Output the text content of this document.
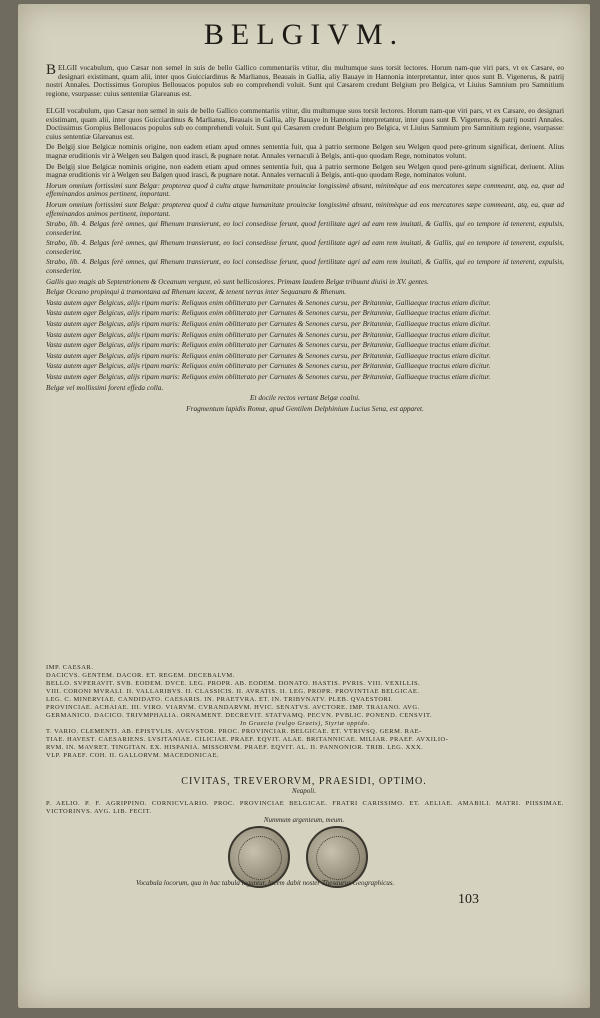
BELGIVM.

BELGII vocabulum, quo Cæsar non semel in suis de bello Gallico commentariis vtitur, diu multumque suos torsit lectores. Horum nam-que viri pars, vt ex Cæsare, eo designari existimant, quam alii, inter quos Guicciardinus & Marlianus, Beauais in Gallia, aliy Bauaye in Hannonia interpretantur, inter quos sunt B. Vigenerus, & patrij nostri Annales. Doctissimus Goropius Bellouacos populos sub eo comprehendi voluit. Sunt qui Cæsarem credunt Belgium pro Belgica, vt Liuius Samnium pro Samnitium regione, vsurpasse: cuius sententiæ Glareanus est.
ELGII vocabulum, quo Cæsar non semel in suis de bello Gallico commentariis vtitur, diu multumque suos torsit lectores. Horum nam-que viri pars, vt ex Cæsare, eo designari existimant, quam alii, inter quos Guicciardinus & Marlianus, Beauais in Gallia, aliy Bauaye in Hannonia interpretantur, inter quos sunt B. Vigenerus, & patrij nostri Annales. Doctissimus Goropius Bellouacos populos sub eo comprehendi voluit. Sunt qui Cæsarem credunt Belgium pro Belgica, vt Liuius Samnium pro Samnitium regione, vsurpasse: cuius sententiæ Glareanus est.

De Belgij siue Belgicæ nominis origine, non eadem etiam apud omnes sententia fuit, qua à patrio sermone Belgen seu Welgen quod pere-grinum significat, deriuent. Alius magnæ eruditionis vir à Welgen seu Balgen quod irasci, & pugnare notat. Annales vernaculi à Belgis, anti-quo quodam Rege, nominatos volunt.

De Belgij siue Belgicæ nominis origine, non eadem etiam apud omnes sententia fuit, qua à patrio sermone Belgen seu Welgen quod pere-grinum significat, deriuent. Alius magnæ eruditionis vir à Welgen seu Balgen quod irasci, & pugnare notat. Annales vernaculi à Belgis, anti-quo quodam Rege, nominatos volunt.

Horum omnium fortissimi sunt Belgæ: propterea quod à cultu atque humanitate prouinciæ longissimè absunt, minimèque ad eos mercatores sæpe commeant, atq, ea, quæ ad effeminandos animos pertinent, important.

Horum omnium fortissimi sunt Belgæ: propterea quod à cultu atque humanitate prouinciæ longissimè absunt, minimèque ad eos mercatores sæpe commeant, atq, ea, quæ ad effeminandos animos pertinent, important.

Strabo, lib. 4. Belgas ferè omnes, qui Rhenum transierunt, eo loci consedisse ferunt, quod fertilitate agri ad eam rem inuitati, & Gallis, qui eo tempore id tenerent, expulsis, consederint.

Strabo, lib. 4. Belgas ferè omnes, qui Rhenum transierunt, eo loci consedisse ferunt, quod fertilitate agri ad eam rem inuitati, & Gallis, qui eo tempore id tenerent, expulsis, consederint.

Strabo, lib. 4. Belgas ferè omnes, qui Rhenum transierunt, eo loci consedisse ferunt, quod fertilitate agri ad eam rem inuitati, & Gallis, qui eo tempore id tenerent, expulsis, consederint.

Gallis quo magis ab Septentrionem & Oceanum vergunt, eò sunt bellicosiores. Primam laudem Belgæ tribuunt diuisi in XV. gentes.

Belgæ Oceano propinqui à tramontana ad Rhenum iacent, & tenent terras inter Sequanam & Rhenum.

Vasta autem ager Belgicus, alijs ripam maris: Reliquos enim oblitterato per Carnutes & Senones cursu, per Britanniæ, Galliaeque tractus etiam dicitur.

Vasta autem ager Belgicus, alijs ripam maris: Reliquos enim oblitterato per Carnutes & Senones cursu, per Britanniæ, Galliaeque tractus etiam dicitur.

Vasta autem ager Belgicus, alijs ripam maris: Reliquos enim oblitterato per Carnutes & Senones cursu, per Britanniæ, Galliaeque tractus etiam dicitur.

Vasta autem ager Belgicus, alijs ripam maris: Reliquos enim oblitterato per Carnutes & Senones cursu, per Britanniæ, Galliaeque tractus etiam dicitur.

Vasta autem ager Belgicus, alijs ripam maris: Reliquos enim oblitterato per Carnutes & Senones cursu, per Britanniæ, Galliaeque tractus etiam dicitur.

Vasta autem ager Belgicus, alijs ripam maris: Reliquos enim oblitterato per Carnutes & Senones cursu, per Britanniæ, Galliaeque tractus etiam dicitur.

Vasta autem ager Belgicus, alijs ripam maris: Reliquos enim oblitterato per Carnutes & Senones cursu, per Britanniæ, Galliaeque tractus etiam dicitur.

Vasta autem ager Belgicus, alijs ripam maris: Reliquos enim oblitterato per Carnutes & Senones cursu, per Britanniæ, Galliaeque tractus etiam dicitur.

Belgæ vel mollissimi forent effeda colla.

Et docile rectos vertant Belgæ coalni.

Fragmentum lapidis Romæ, apud Gentilem Delphinium Lucius Sena, est apparet.

IMP. CAESAR.
DACICVS. GENTEM. DACOR. ET. REGEM. DECEBALVM.
BELLO. SVPERAVIT. SVB. EODEM. DVCE. LEG. PROPR. AB. EODEM. DONATO. HASTIS. PVRIS. VIII. VEXILLIS.
VIII. CORONI MVRALI. II. VALLARIBVS. II. CLASSICIS. II. AVRATIS. II. LEG. PROPR. PROVINTIAE BELGICAE.
LEG. C. MINERVIAE. CANDIDATO. CAESARIS. IN. PRAETVRA. ET. IN. TRIBVNATV. PLEB. QVAESTORI.
PROVINCIAE. ACHAIAE. III. VIRO. VIARVM. CVRANDARVM. HVIC. SENATVS. AVCTORE. IMP. TRAIANO. AVG.
GERMANICO. DACICO. TRIVMPHALIA. ORNAMENT. DECREVIT. STATVAMQ. PECVN. PVBLIC. PONEND. CENSVIT.
In Graecia (vulgo Graets), Styriæ oppido.
T. VARIO. CLEMENTI. AB. EPISTVLIS. AVGVSTOR. PROC. PROVINCIAR. BELGICAE. ET. VTRIVSQ. GERM. RAE-
TIAE. HAVEST. CAESARIENS. LVSITANIAE. CILICIAE. PRAEF. EQVIT. ALAE. BRITANNICAE. MILIAR. PRAEF. AVXILIO-
RVM. IN. MAVRET. TINGITAN. EX. HISPANIA. MISSORVM. PRAEF. EQVIT. AL. II. PANNONIOR. TRIB. LEG. XXX.
VLP. PRAEF. COH. II. GALLORVM. MACEDONICAE.
CIVITAS, TREVERORVM, PRAESIDI, OPTIMO.
Neapoli.
P. AELIO. P. F. AGRIPPINO. CORNICVLARIO. PROC. PROVINCIAE BELGICAE. FRATRI CARISSIMO. ET. AELIAE. AMABILI. MATRI. PIISSIMAE. VICTORINVS. AVG. LIB. FECIT.
Nummum argenteum, meum.
Vocabula locorum, qua in hac tabula leguntur, lucem dabit noster Thesaurus Geographicus.
103
